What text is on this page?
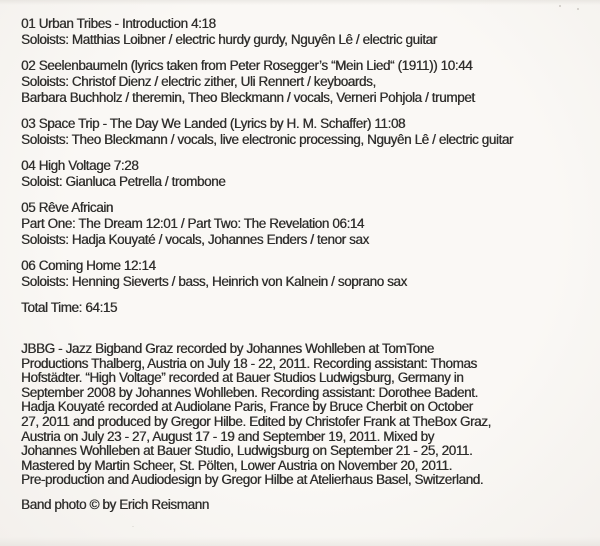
01 Urban Tribes - Introduction 4:18
Soloists: Matthias Loibner / electric hurdy gurdy, Nguyên Lê / electric guitar
02 Seelenbaumeln (lyrics taken from Peter Rosegger’s “Mein Lied“ (1911)) 10:44
Soloists: Christof Dienz / electric zither, Uli Rennert / keyboards,
Barbara Buchholz / theremin, Theo Bleckmann / vocals, Verneri Pohjola / trumpet
03 Space Trip - The Day We Landed (Lyrics by H. M. Schaffer) 11:08
Soloists: Theo Bleckmann / vocals, live electronic processing, Nguyên Lê / electric guitar
04 High Voltage 7:28
Soloist: Gianluca Petrella / trombone
05 Rêve Africain
Part One: The Dream 12:01 / Part Two: The Revelation 06:14
Soloists: Hadja Kouyaté / vocals, Johannes Enders / tenor sax
06 Coming Home 12:14
Soloists: Henning Sieverts / bass, Heinrich von Kalnein / soprano sax
Total Time: 64:15
JBBG - Jazz Bigband Graz recorded by Johannes Wohlleben at TomTone
Productions Thalberg, Austria on July 18 - 22, 2011. Recording assistant: Thomas
Hofstädter. “High Voltage” recorded at Bauer Studios Ludwigsburg, Germany in
September 2008 by Johannes Wohlleben. Recording assistant: Dorothee Badent.
Hadja Kouyaté recorded at Audiolane Paris, France by Bruce Cherbit on October
27, 2011 and produced by Gregor Hilbe. Edited by Christofer Frank at TheBox Graz,
Austria on July 23 - 27, August 17 - 19 and September 19, 2011. Mixed by
Johannes Wohlleben at Bauer Studio, Ludwigsburg on September 21 - 25, 2011.
Mastered by Martin Scheer, St. Pölten, Lower Austria on November 20, 2011.
Pre-production and Audiodesign by Gregor Hilbe at Atelierhaus Basel, Switzerland.
Band photo © by Erich Reismann
